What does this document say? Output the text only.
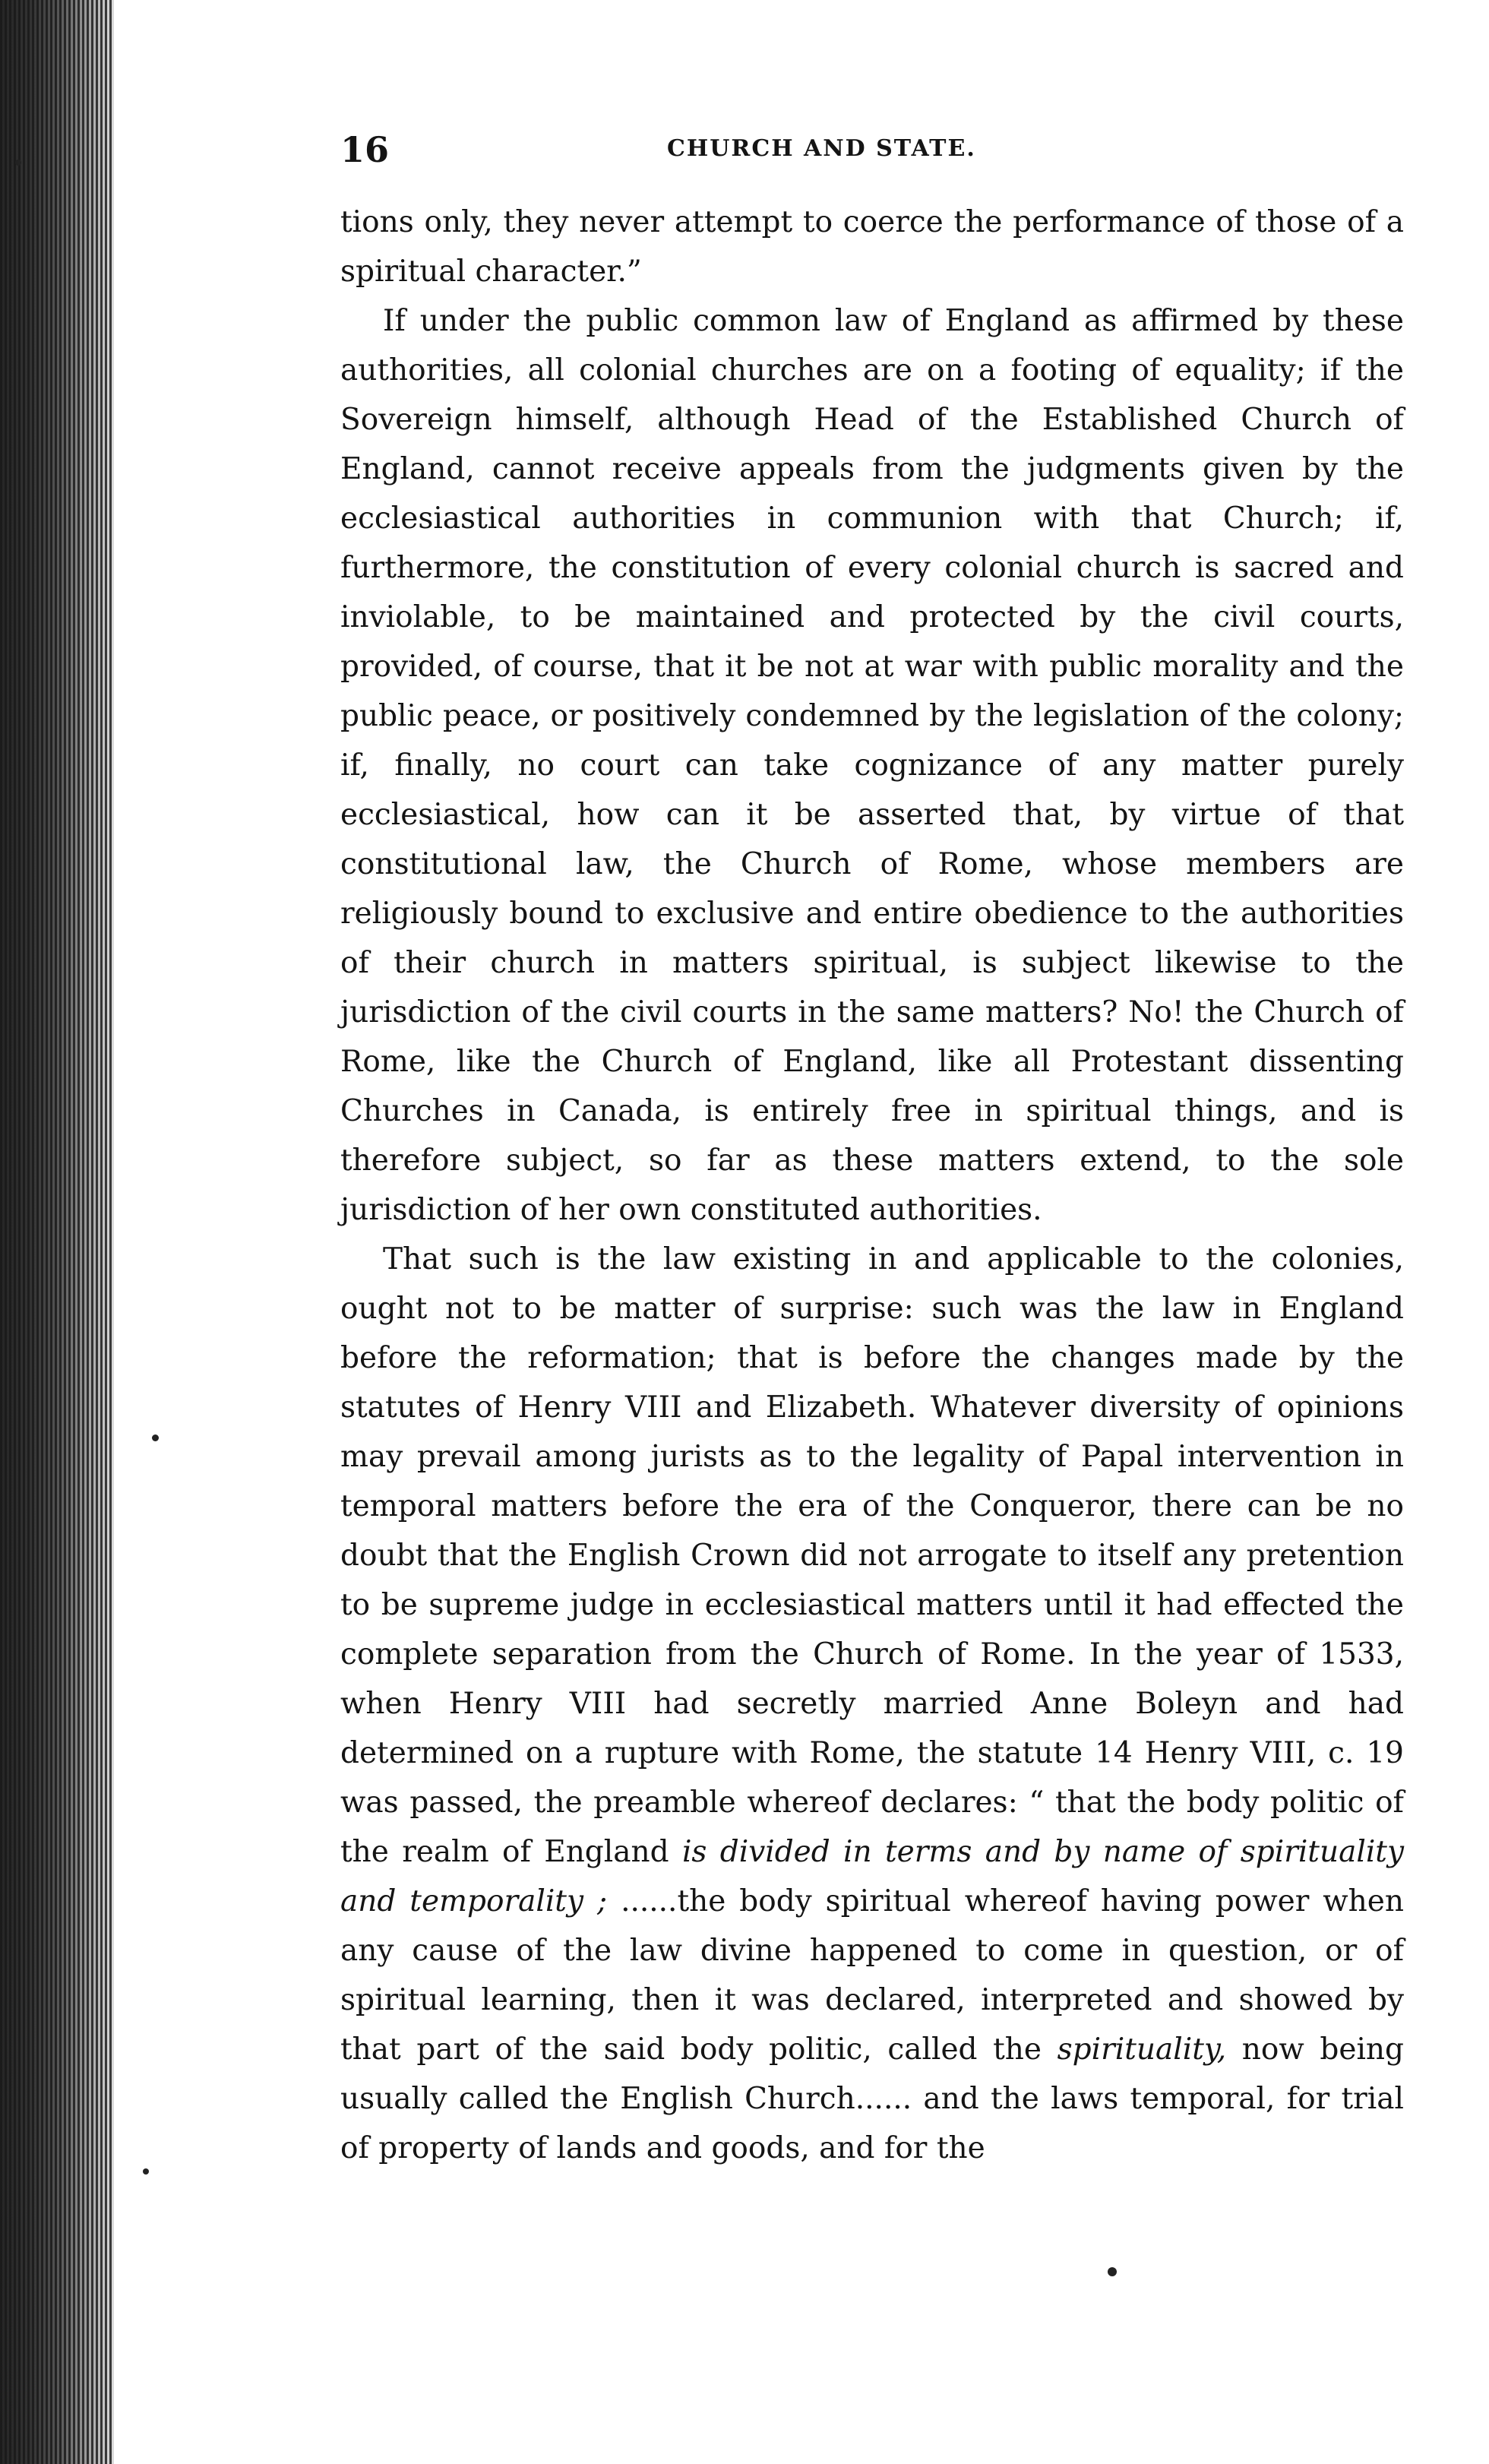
16	CHURCH AND STATE.

tions only, they never attempt to coerce the performance of those of a spiritual character.”

If under the public common law of England as affirmed by these authorities, all colonial churches are on a footing of equality; if the Sovereign himself, although Head of the Established Church of England, cannot receive appeals from the judgments given by the ecclesiastical authorities in communion with that Church; if, furthermore, the constitution of every colonial church is sacred and inviolable, to be maintained and protected by the civil courts, provided, of course, that it be not at war with public morality and the public peace, or positively condemned by the legislation of the colony; if, finally, no court can take cognizance of any matter purely ecclesiastical, how can it be asserted that, by virtue of that constitutional law, the Church of Rome, whose members are religiously bound to exclusive and entire obedience to the authorities of their church in matters spiritual, is subject likewise to the jurisdiction of the civil courts in the same matters? No! the Church of Rome, like the Church of England, like all Protestant dissenting Churches in Canada, is entirely free in spiritual things, and is therefore subject, so far as these matters extend, to the sole jurisdiction of her own constituted authorities.

That such is the law existing in and applicable to the colonies, ought not to be matter of surprise: such was the law in England before the reformation; that is before the changes made by the statutes of Henry VIII and Elizabeth. Whatever diversity of opinions may prevail among jurists as to the legality of Papal intervention in temporal matters before the era of the Conqueror, there can be no doubt that the English Crown did not arrogate to itself any pretention to be supreme judge in ecclesiastical matters until it had effected the complete separation from the Church of Rome. In the year of 1533, when Henry VIII had secretly married Anne Boleyn and had determined on a rupture with Rome, the statute 14 Henry VIII, c. 19 was passed, the preamble whereof declares: “ that the body politic of the realm of England is divided in terms and by name of spirituality and temporality ; ......the body spiritual whereof having power when any cause of the law divine happened to come in question, or of spiritual learning, then it was declared, interpreted and showed by that part of the said body politic, called the spirituality, now being usually called the English Church...... and the laws temporal, for trial of property of lands and goods, and for the
